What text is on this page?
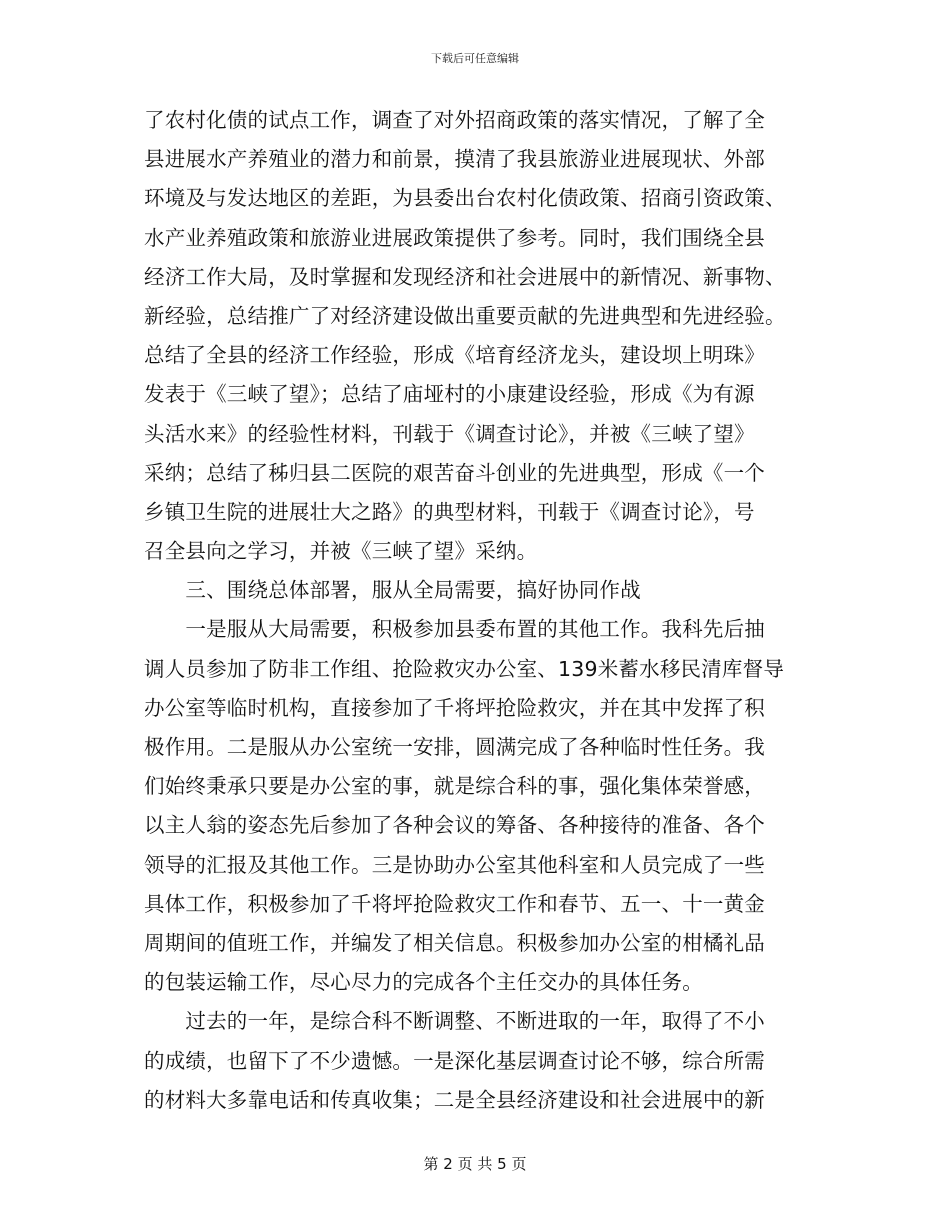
下载后可任意编辑
了农村化债的试点工作，调查了对外招商政策的落实情况，了解了全
县进展水产养殖业的潜力和前景，摸清了我县旅游业进展现状、外部
环境及与发达地区的差距，为县委出台农村化债政策、招商引资政策、
水产业养殖政策和旅游业进展政策提供了参考。同时，我们围绕全县
经济工作大局，及时掌握和发现经济和社会进展中的新情况、新事物、
新经验，总结推广了对经济建设做出重要贡献的先进典型和先进经验。
总结了全县的经济工作经验，形成《培育经济龙头，建设坝上明珠》
发表于《三峡了望》；总结了庙垭村的小康建设经验，形成《为有源
头活水来》的经验性材料，刊载于《调查讨论》，并被《三峡了望》
采纳；总结了秭归县二医院的艰苦奋斗创业的先进典型，形成《一个
乡镇卫生院的进展壮大之路》的典型材料，刊载于《调查讨论》，号
召全县向之学习，并被《三峡了望》采纳。
　　三、围绕总体部署，服从全局需要，搞好协同作战
　　一是服从大局需要，积极参加县委布置的其他工作。我科先后抽
调人员参加了防非工作组、抢险救灾办公室、139米蓄水移民清库督导
办公室等临时机构，直接参加了千将坪抢险救灾，并在其中发挥了积
极作用。二是服从办公室统一安排，圆满完成了各种临时性任务。我
们始终秉承只要是办公室的事，就是综合科的事，强化集体荣誉感，
以主人翁的姿态先后参加了各种会议的筹备、各种接待的准备、各个
领导的汇报及其他工作。三是协助办公室其他科室和人员完成了一些
具体工作，积极参加了千将坪抢险救灾工作和春节、五一、十一黄金
周期间的值班工作，并编发了相关信息。积极参加办公室的柑橘礼品
的包装运输工作，尽心尽力的完成各个主任交办的具体任务。
　　过去的一年，是综合科不断调整、不断进取的一年，取得了不小
的成绩，也留下了不少遗憾。一是深化基层调查讨论不够，综合所需
的材料大多靠电话和传真收集；二是全县经济建设和社会进展中的新
第 2 页 共 5 页
